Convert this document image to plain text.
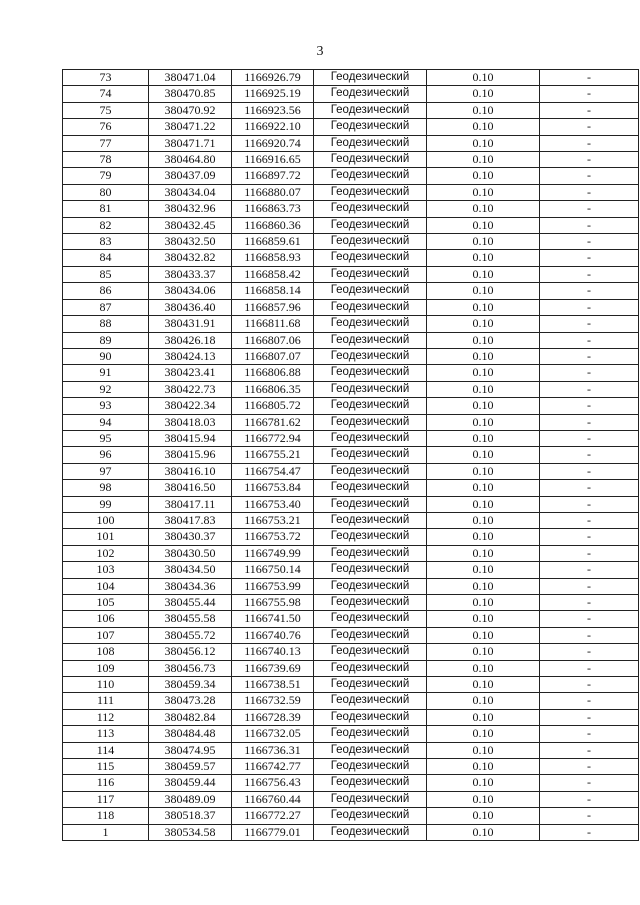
3
73	380471.04	1166926.79	Геодезический	0.10	-
74	380470.85	1166925.19	Геодезический	0.10	-
75	380470.92	1166923.56	Геодезический	0.10	-
76	380471.22	1166922.10	Геодезический	0.10	-
77	380471.71	1166920.74	Геодезический	0.10	-
78	380464.80	1166916.65	Геодезический	0.10	-
79	380437.09	1166897.72	Геодезический	0.10	-
80	380434.04	1166880.07	Геодезический	0.10	-
81	380432.96	1166863.73	Геодезический	0.10	-
82	380432.45	1166860.36	Геодезический	0.10	-
83	380432.50	1166859.61	Геодезический	0.10	-
84	380432.82	1166858.93	Геодезический	0.10	-
85	380433.37	1166858.42	Геодезический	0.10	-
86	380434.06	1166858.14	Геодезический	0.10	-
87	380436.40	1166857.96	Геодезический	0.10	-
88	380431.91	1166811.68	Геодезический	0.10	-
89	380426.18	1166807.06	Геодезический	0.10	-
90	380424.13	1166807.07	Геодезический	0.10	-
91	380423.41	1166806.88	Геодезический	0.10	-
92	380422.73	1166806.35	Геодезический	0.10	-
93	380422.34	1166805.72	Геодезический	0.10	-
94	380418.03	1166781.62	Геодезический	0.10	-
95	380415.94	1166772.94	Геодезический	0.10	-
96	380415.96	1166755.21	Геодезический	0.10	-
97	380416.10	1166754.47	Геодезический	0.10	-
98	380416.50	1166753.84	Геодезический	0.10	-
99	380417.11	1166753.40	Геодезический	0.10	-
100	380417.83	1166753.21	Геодезический	0.10	-
101	380430.37	1166753.72	Геодезический	0.10	-
102	380430.50	1166749.99	Геодезический	0.10	-
103	380434.50	1166750.14	Геодезический	0.10	-
104	380434.36	1166753.99	Геодезический	0.10	-
105	380455.44	1166755.98	Геодезический	0.10	-
106	380455.58	1166741.50	Геодезический	0.10	-
107	380455.72	1166740.76	Геодезический	0.10	-
108	380456.12	1166740.13	Геодезический	0.10	-
109	380456.73	1166739.69	Геодезический	0.10	-
110	380459.34	1166738.51	Геодезический	0.10	-
111	380473.28	1166732.59	Геодезический	0.10	-
112	380482.84	1166728.39	Геодезический	0.10	-
113	380484.48	1166732.05	Геодезический	0.10	-
114	380474.95	1166736.31	Геодезический	0.10	-
115	380459.57	1166742.77	Геодезический	0.10	-
116	380459.44	1166756.43	Геодезический	0.10	-
117	380489.09	1166760.44	Геодезический	0.10	-
118	380518.37	1166772.27	Геодезический	0.10	-
1	380534.58	1166779.01	Геодезический	0.10	-
